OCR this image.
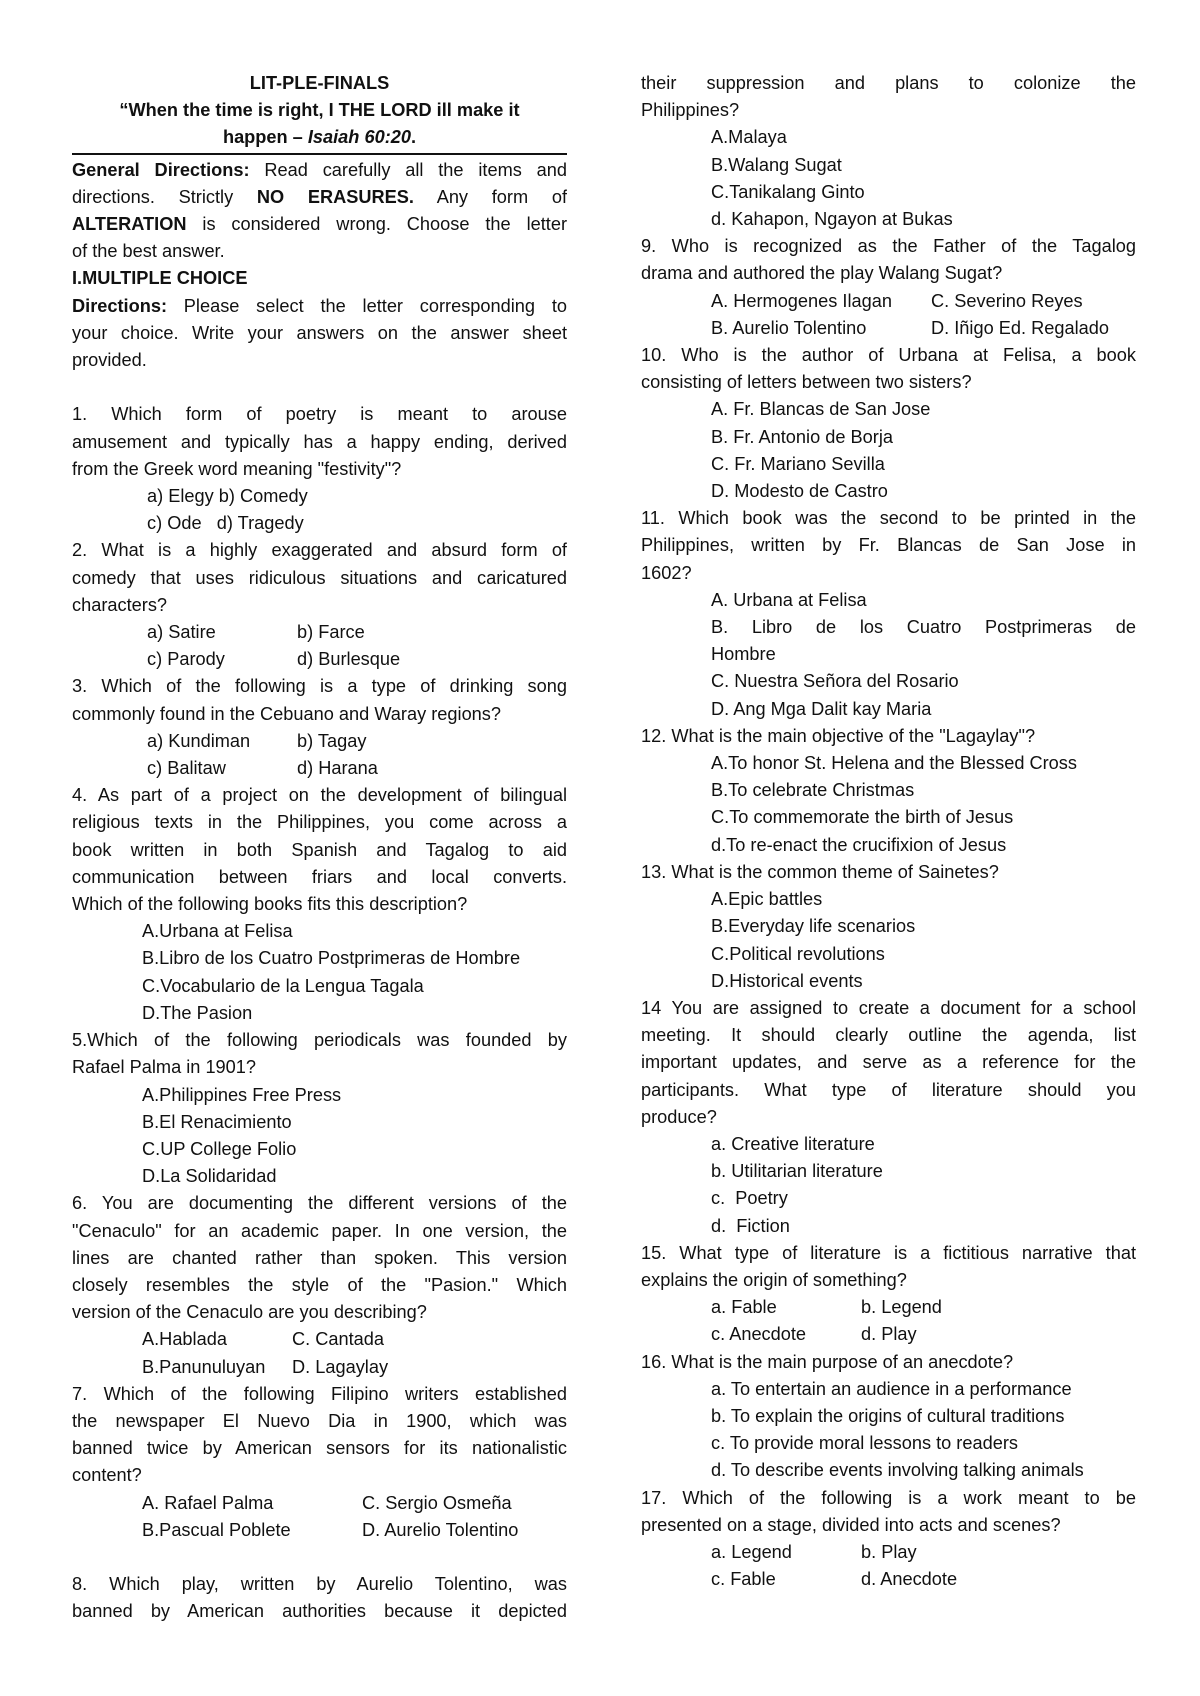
LIT-PLE-FINALS
“When the time is right, I THE LORD ill make it
happen – Isaiah 60:20.
General Directions: Read carefully all the items and
directions. Strictly NO ERASURES. Any form of
ALTERATION is considered wrong. Choose the letter
of the best answer.
I.MULTIPLE CHOICE
Directions: Please select the letter corresponding to
your choice. Write your answers on the answer sheet
provided.
1. Which form of poetry is meant to arouse
amusement and typically has a happy ending, derived
from the Greek word meaning "festivity"?
a) Elegy b) Comedy
c) Ode   d) Tragedy
2. What is a highly exaggerated and absurd form of
comedy that uses ridiculous situations and caricatured
characters?
a) Satire	b) Farce
c) Parody	d) Burlesque
3. Which of the following is a type of drinking song
commonly found in the Cebuano and Waray regions?
a) Kundiman	b) Tagay
c) Balitaw	d) Harana
4. As part of a project on the development of bilingual
religious texts in the Philippines, you come across a
book written in both Spanish and Tagalog to aid
communication between friars and local converts.
Which of the following books fits this description?
A.Urbana at Felisa
B.Libro de los Cuatro Postprimeras de Hombre
C.Vocabulario de la Lengua Tagala
D.The Pasion
5.Which of the following periodicals was founded by
Rafael Palma in 1901?
A.Philippines Free Press
B.El Renacimiento
C.UP College Folio
D.La Solidaridad
6. You are documenting the different versions of the
"Cenaculo" for an academic paper. In one version, the
lines are chanted rather than spoken. This version
closely resembles the style of the "Pasion." Which
version of the Cenaculo are you describing?
A.Hablada	C. Cantada
B.Panunuluyan	D. Lagaylay
7. Which of the following Filipino writers established
the newspaper El Nuevo Dia in 1900, which was
banned twice by American sensors for its nationalistic
content?
A. Rafael Palma	C. Sergio Osmeña
B.Pascual Poblete	D. Aurelio Tolentino
8. Which play, written by Aurelio Tolentino, was
banned by American authorities because it depicted
their suppression and plans to colonize the
Philippines?
A.Malaya
B.Walang Sugat
C.Tanikalang Ginto
d. Kahapon, Ngayon at Bukas
9. Who is recognized as the Father of the Tagalog
drama and authored the play Walang Sugat?
A. Hermogenes Ilagan	C. Severino Reyes
B. Aurelio Tolentino	D. Iñigo Ed. Regalado
10. Who is the author of Urbana at Felisa, a book
consisting of letters between two sisters?
A. Fr. Blancas de San Jose
B. Fr. Antonio de Borja
C. Fr. Mariano Sevilla
D. Modesto de Castro
11. Which book was the second to be printed in the
Philippines, written by Fr. Blancas de San Jose in
1602?
A. Urbana at Felisa
B. Libro de los Cuatro Postprimeras de
Hombre
C. Nuestra Señora del Rosario
D. Ang Mga Dalit kay Maria
12. What is the main objective of the "Lagaylay"?
A.To honor St. Helena and the Blessed Cross
B.To celebrate Christmas
C.To commemorate the birth of Jesus
d.To re-enact the crucifixion of Jesus
13. What is the common theme of Sainetes?
A.Epic battles
B.Everyday life scenarios
C.Political revolutions
D.Historical events
14 You are assigned to create a document for a school
meeting. It should clearly outline the agenda, list
important updates, and serve as a reference for the
participants. What type of literature should you
produce?
a. Creative literature
b. Utilitarian literature
c.  Poetry
d.  Fiction
15. What type of literature is a fictitious narrative that
explains the origin of something?
a. Fable	b. Legend
c. Anecdote	d. Play
16. What is the main purpose of an anecdote?
a. To entertain an audience in a performance
b. To explain the origins of cultural traditions
c. To provide moral lessons to readers
d. To describe events involving talking animals
17. Which of the following is a work meant to be
presented on a stage, divided into acts and scenes?
a. Legend	b. Play
c. Fable	d. Anecdote
